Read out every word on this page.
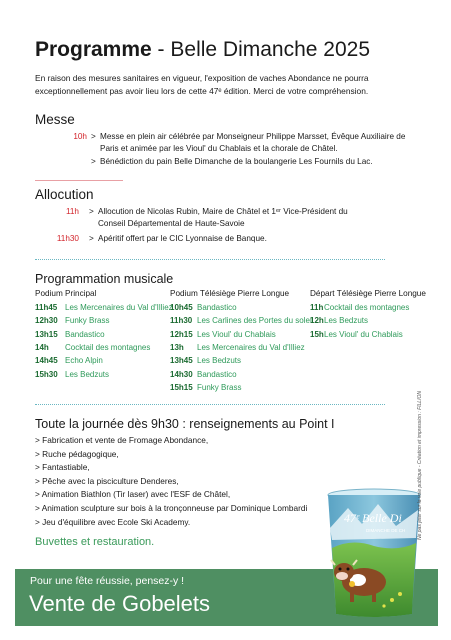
Programme - Belle Dimanche 2025

En raison des mesures sanitaires en vigueur, l'exposition de vaches Abondance ne pourra exceptionnellement pas avoir lieu lors de cette 47ᵉ édition. Merci de votre compréhension.

Messe
10h > Messe en plein air célébrée par Monseigneur Philippe Marsset, Évêque Auxiliaire de Paris et animée par les Vioul' du Chablais et la chorale de Châtel.
> Bénédiction du pain Belle Dimanche de la boulangerie Les Fournils du Lac.
Allocution
11h > Allocution de Nicolas Rubin, Maire de Châtel et 1ᵉʳ Vice-Président du Conseil Départemental de Haute-Savoie
11h30 > Apéritif offert par le CIC Lyonnaise de Banque.
Programmation musicale
Podium Principal	Podium Télésiège Pierre Longue	Départ Télésiège Pierre Longue
11h45 Les Mercenaires du Val d'Illiez
12h30 Funky Brass
13h15 Bandastico
14h Cocktail des montagnes
14h45 Echo Alpin
15h30 Les Bedzuts
10h45 Bandastico
11h30 Les Carlines des Portes du soleil
12h15 Les Vioul' du Chablais
13h Les Mercenaires du Val d'Illiez
13h45 Les Bedzuts
14h30 Bandastico
15h15 Funky Brass
11hCocktail des montagnes
12hLes Bedzuts
15hLes Vioul' du Chablais
Toute la journée dès 9h30 : renseignements au Point I
> Fabrication et vente de Fromage Abondance,
> Ruche pédagogique,
> Fantastiable,
> Pêche avec la pisciculture Denderes,
> Animation Biathlon (Tir laser) avec l'ESF de Châtel,
> Animation sculpture sur bois à la tronçonneuse par Dominique Lombardi
> Jeu d'équilibre avec Ecole Ski Academy.
Buvettes et restauration.
Pour une fête réussie, pensez-y !
Vente de Gobelets
47ᵉ Belle Di
DIMANCHE DE CH Ne pas jeter sur la voie publique - Création et impression : FILLION
